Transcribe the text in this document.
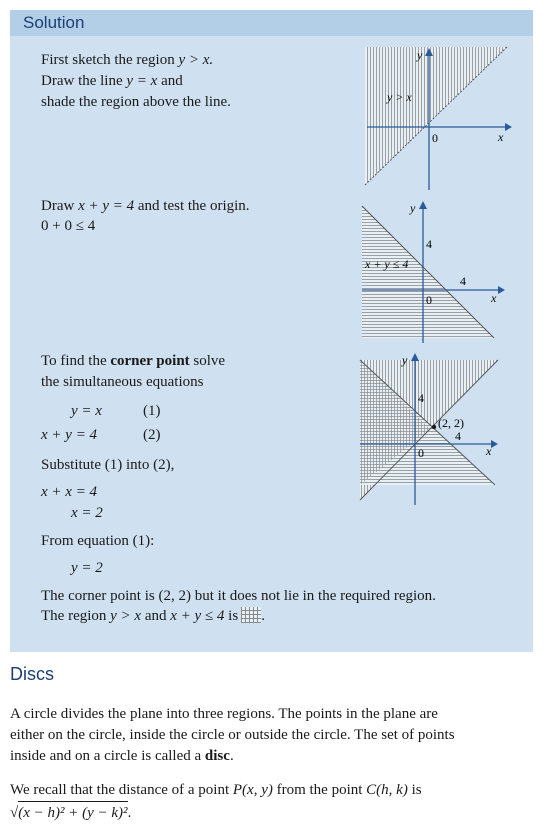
Solution
First sketch the region y > x.
Draw the line y = x and
shade the region above the line.
y
x
0
y > x
Draw x + y = 4 and test the origin.
0 + 0 ≤ 4
y
x
0
4
4
x + y ≤ 4
To find the corner point solve
the simultaneous equations
y = x	(1)
x + y = 4	(2)
Substitute (1) into (2),
x + x = 4
x = 2
From equation (1):
y = 2
The corner point is (2, 2) but it does not lie in the required region.
The region y > x and x + y ≤ 4 is .
y
x
0
4
4
(2, 2)
Discs
A circle divides the plane into three regions. The points in the plane are
either on the circle, inside the circle or outside the circle. The set of points
inside and on a circle is called a disc.
We recall that the distance of a point P(x, y) from the point C(h, k) is
√(x − h)² + (y − k)².
